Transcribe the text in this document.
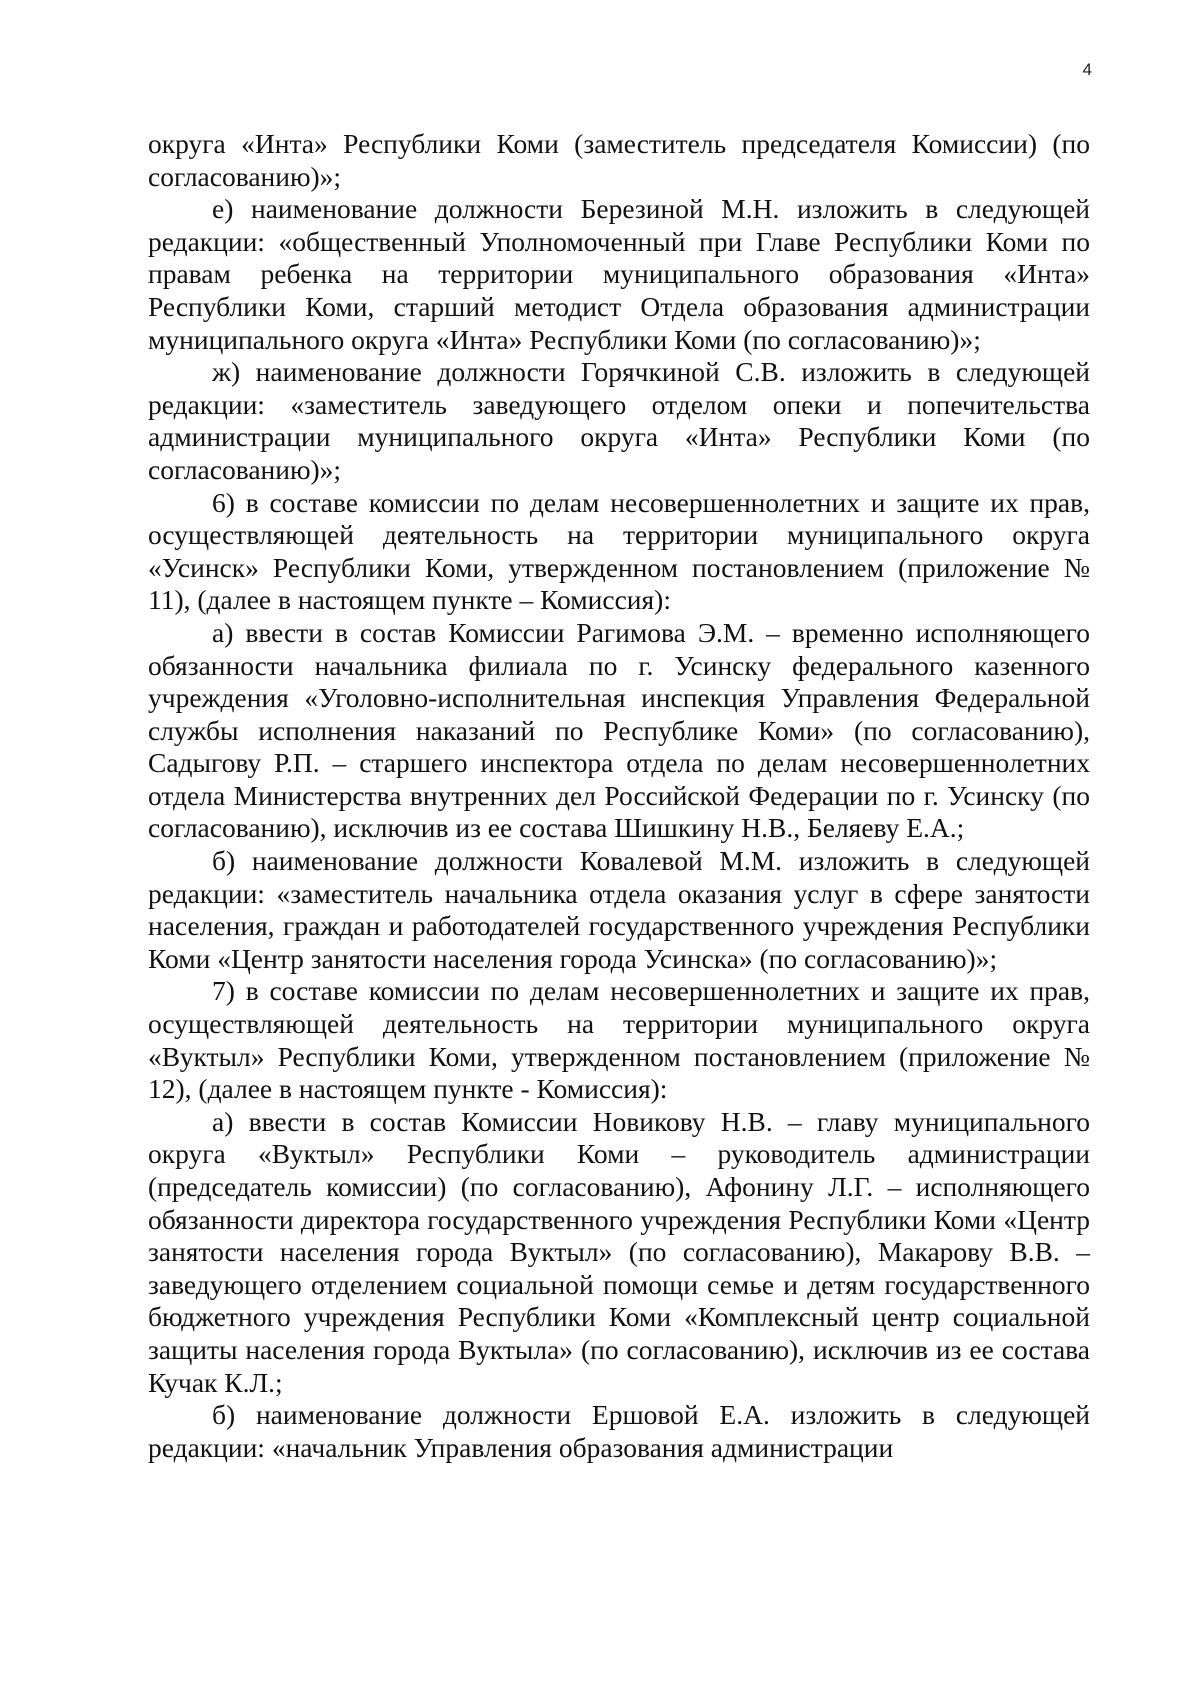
4

округа «Инта» Республики Коми (заместитель председателя Комиссии) (по согласованию)»;

е) наименование должности Березиной М.Н. изложить в следующей редакции: «общественный Уполномоченный при Главе Республики Коми по правам ребенка на территории муниципального образования «Инта» Республики Коми, старший методист Отдела образования администрации муниципального округа «Инта» Республики Коми (по согласованию)»;

ж) наименование должности Горячкиной С.В. изложить в следующей редакции: «заместитель заведующего отделом опеки и попечительства администрации муниципального округа «Инта» Республики Коми (по согласованию)»;

6) в составе комиссии по делам несовершеннолетних и защите их прав, осуществляющей деятельность на территории муниципального округа «Усинск» Республики Коми, утвержденном постановлением (приложение № 11), (далее в настоящем пункте – Комиссия):

а) ввести в состав Комиссии Рагимова Э.М. – временно исполняющего обязанности начальника филиала по г. Усинску федерального казенного учреждения «Уголовно-исполнительная инспекция Управления Федеральной службы исполнения наказаний по Республике Коми» (по согласованию), Садыгову Р.П. – старшего инспектора отдела по делам несовершеннолетних отдела Министерства внутренних дел Российской Федерации по г. Усинску (по согласованию), исключив из ее состава Шишкину Н.В., Беляеву Е.А.;

б) наименование должности Ковалевой М.М. изложить в следующей редакции: «заместитель начальника отдела оказания услуг в сфере занятости населения, граждан и работодателей государственного учреждения Республики Коми «Центр занятости населения города Усинска» (по согласованию)»;

7) в составе комиссии по делам несовершеннолетних и защите их прав, осуществляющей деятельность на территории муниципального округа «Вуктыл» Республики Коми, утвержденном постановлением (приложение № 12), (далее в настоящем пункте - Комиссия):

а) ввести в состав Комиссии Новикову Н.В. – главу муниципального округа «Вуктыл» Республики Коми – руководитель администрации (председатель комиссии) (по согласованию), Афонину Л.Г. – исполняющего обязанности директора государственного учреждения Республики Коми «Центр занятости населения города Вуктыл» (по согласованию), Макарову В.В. – заведующего отделением социальной помощи семье и детям государственного бюджетного учреждения Республики Коми «Комплексный центр социальной защиты населения города Вуктыла» (по согласованию), исключив из ее состава Кучак К.Л.;

б) наименование должности Ершовой Е.А. изложить в следующей редакции: «начальник Управления образования администрации
